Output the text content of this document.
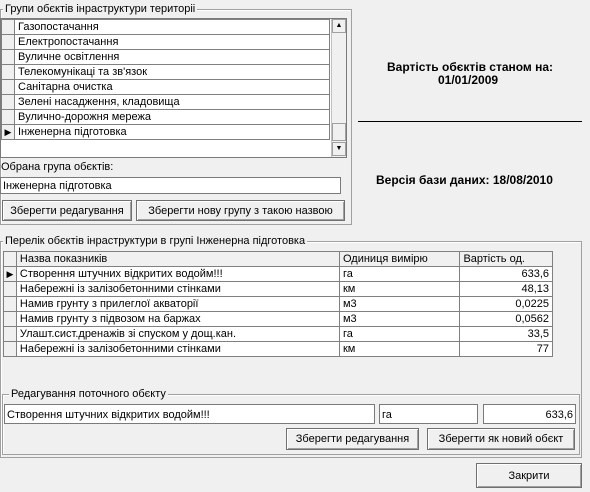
Групи обєктів інраструктури територіі
	Газопостачання
	Електропостачання
	Вуличне освітлення
	Телекомунікаці та зв'язок
	Санітарна очистка
	Зелені насадження, кладовища
	Вулично-дорожня мережа
▶	Інженерна підготовка
▲
▼
Обрана група обєктів:
Інженерна підготовка
Зберегти редагування	Зберегти нову групу з такою назвою
Вартість обєктів станом на:
01/01/2009
Версія бази даних: 18/08/2010
Перелік обєктів інраструктури в групі Інженерна підготовка
	Назва показників	Одиниця вимірю	Вартість од.
▶	Створення штучних відкритих водойм!!!	га	633,6
	Набережні із залізобетонними стінками	км	48,13
	Намив грунту з прилеглої акваторії	м3	0,0225
	Намив грунту з підвозом на баржах	м3	0,0562
	Улашт.сист.дренажів зі спуском у дощ.кан.	га	33,5
	Набережні із залізобетонними стінками	км	77
Редагування поточного обєкту
Створення штучних відкритих водойм!!!	га	633,6
Зберегти редагування	Зберегти як новий обєкт
Закрити
